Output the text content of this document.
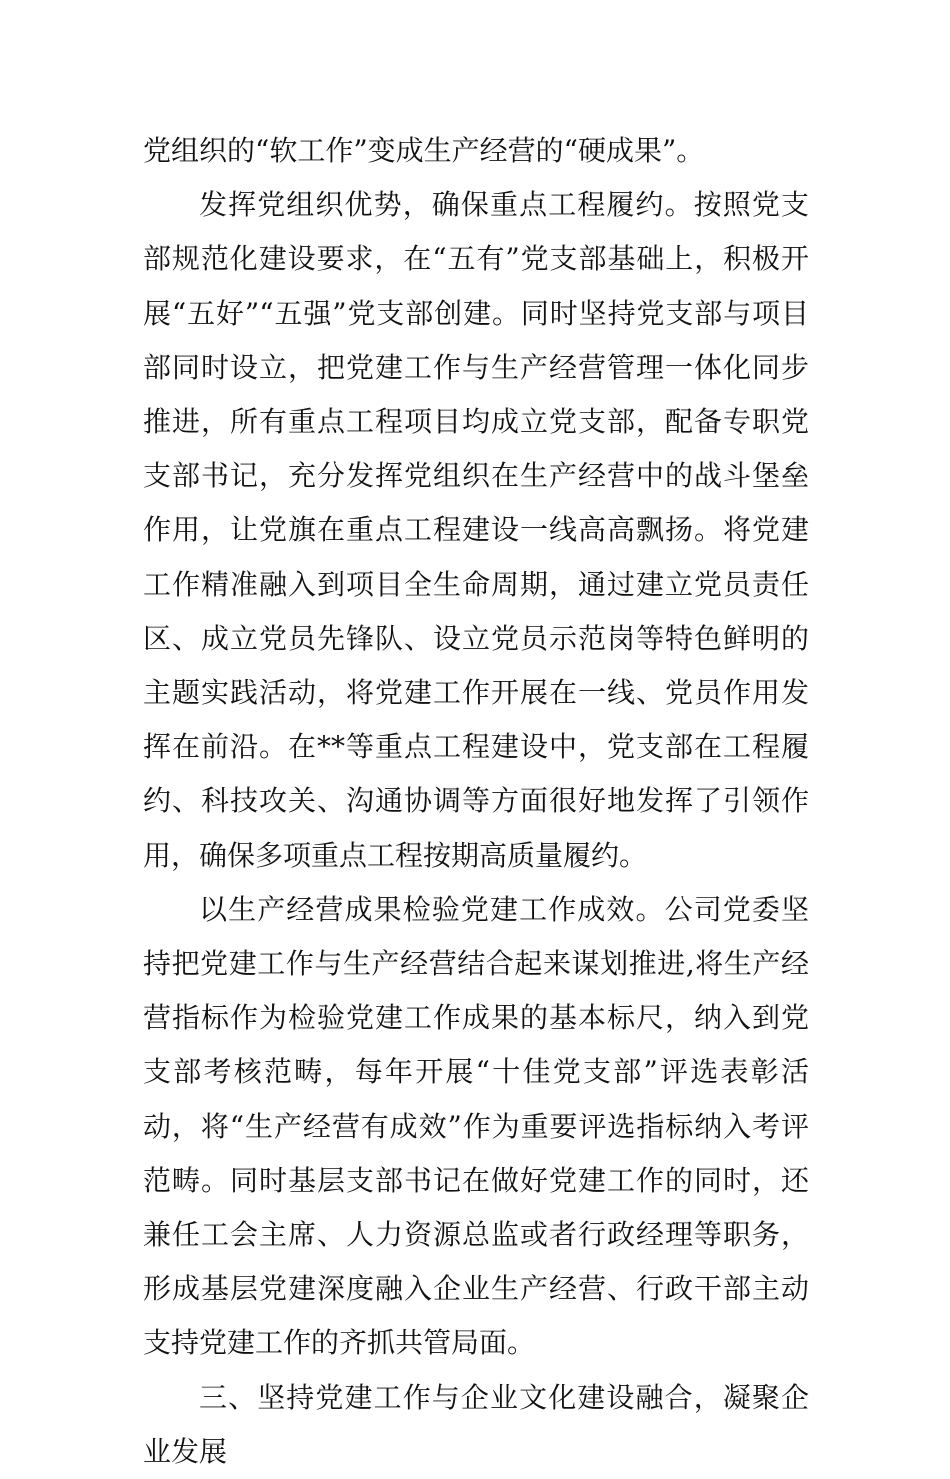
党组织的“软工作”变成生产经营的“硬成果”。

发挥党组织优势，确保重点工程履约。按照党支部规范化建设要求，在“五有”党支部基础上，积极开展“五好”“五强”党支部创建。同时坚持党支部与项目部同时设立，把党建工作与生产经营管理一体化同步推进，所有重点工程项目均成立党支部，配备专职党支部书记，充分发挥党组织在生产经营中的战斗堡垒作用，让党旗在重点工程建设一线高高飘扬。将党建工作精准融入到项目全生命周期，通过建立党员责任区、成立党员先锋队、设立党员示范岗等特色鲜明的主题实践活动，将党建工作开展在一线、党员作用发挥在前沿。在**等重点工程建设中，党支部在工程履约、科技攻关、沟通协调等方面很好地发挥了引领作用，确保多项重点工程按期高质量履约。

以生产经营成果检验党建工作成效。公司党委坚持把党建工作与生产经营结合起来谋划推进,将生产经营指标作为检验党建工作成果的基本标尺，纳入到党支部考核范畴，每年开展“十佳党支部”评选表彰活动，将“生产经营有成效”作为重要评选指标纳入考评范畴。同时基层支部书记在做好党建工作的同时，还兼任工会主席、人力资源总监或者行政经理等职务，形成基层党建深度融入企业生产经营、行政干部主动支持党建工作的齐抓共管局面。

三、坚持党建工作与企业文化建设融合，凝聚企业发展
